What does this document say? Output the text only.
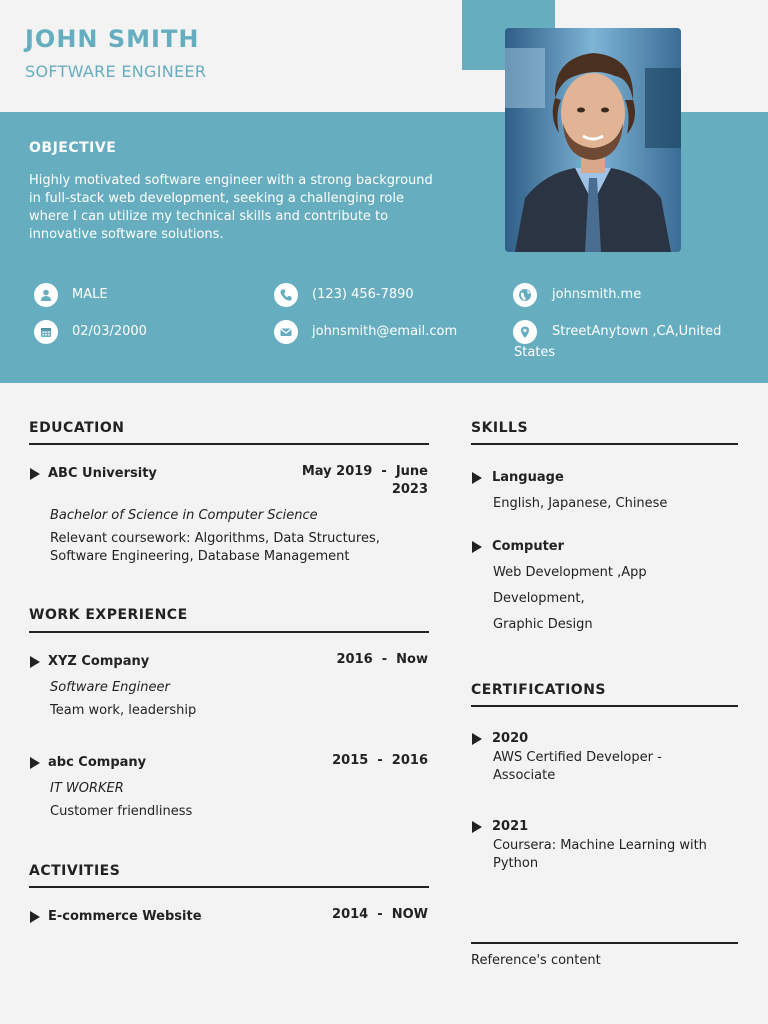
JOHN SMITH
SOFTWARE ENGINEER
OBJECTIVE
Highly motivated software engineer with a strong background in full-stack web development, seeking a challenging role where I can utilize my technical skills and contribute to innovative software solutions.
MALE	(123) 456-7890	johnsmith.me
02/03/2000	johnsmith@email.com	StreetAnytown ,CA,United States
EDUCATION
ABC University	May 2019  -  June
2023
Bachelor of Science in Computer Science
Relevant coursework: Algorithms, Data Structures, Software Engineering, Database Management
WORK EXPERIENCE
XYZ Company	2016  -  Now
Software Engineer
Team work, leadership
abc Company	2015  -  2016
IT WORKER
Customer friendliness
ACTIVITIES
E-commerce Website	2014  -  NOW
SKILLS
Language
English, Japanese, Chinese
Computer
Web Development ,App
Development,
Graphic Design
CERTIFICATIONS
2020
AWS Certified Developer - Associate
2021
Coursera: Machine Learning with Python
Reference's content
